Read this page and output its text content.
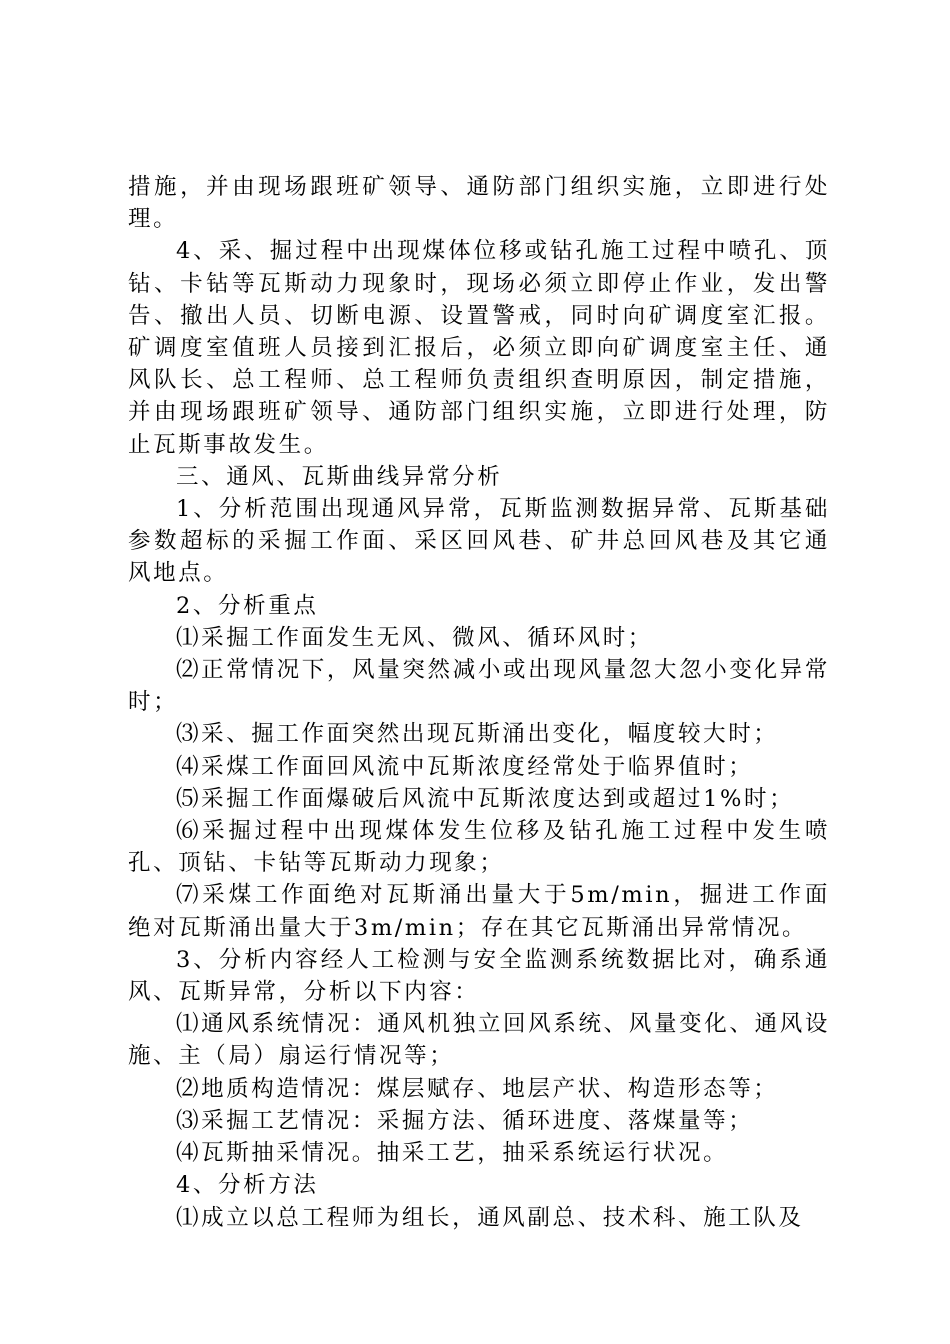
措施，并由现场跟班矿领导、通防部门组织实施，立即进行处理。

4、采、掘过程中出现煤体位移或钻孔施工过程中喷孔、顶钻、卡钻等瓦斯动力现象时，现场必须立即停止作业，发出警告、撤出人员、切断电源、设置警戒，同时向矿调度室汇报。矿调度室值班人员接到汇报后，必须立即向矿调度室主任、通风队长、总工程师、总工程师负责组织查明原因，制定措施，并由现场跟班矿领导、通防部门组织实施，立即进行处理，防止瓦斯事故发生。

三、通风、瓦斯曲线异常分析

1、分析范围出现通风异常，瓦斯监测数据异常、瓦斯基础参数超标的采掘工作面、采区回风巷、矿井总回风巷及其它通风地点。

2、分析重点

⑴采掘工作面发生无风、微风、循环风时；

⑵正常情况下，风量突然减小或出现风量忽大忽小变化异常时；

⑶采、掘工作面突然出现瓦斯涌出变化，幅度较大时；

⑷采煤工作面回风流中瓦斯浓度经常处于临界值时；

⑸采掘工作面爆破后风流中瓦斯浓度达到或超过1%时；

⑹采掘过程中出现煤体发生位移及钻孔施工过程中发生喷孔、顶钻、卡钻等瓦斯动力现象；

⑺采煤工作面绝对瓦斯涌出量大于5m/min，掘进工作面绝对瓦斯涌出量大于3m/min；存在其它瓦斯涌出异常情况。

3、分析内容经人工检测与安全监测系统数据比对，确系通风、瓦斯异常，分析以下内容：

⑴通风系统情况：通风机独立回风系统、风量变化、通风设施、主（局）扇运行情况等；

⑵地质构造情况：煤层赋存、地层产状、构造形态等；

⑶采掘工艺情况：采掘方法、循环进度、落煤量等；

⑷瓦斯抽采情况。抽采工艺，抽采系统运行状况。

4、分析方法

⑴成立以总工程师为组长，通风副总、技术科、施工队及
